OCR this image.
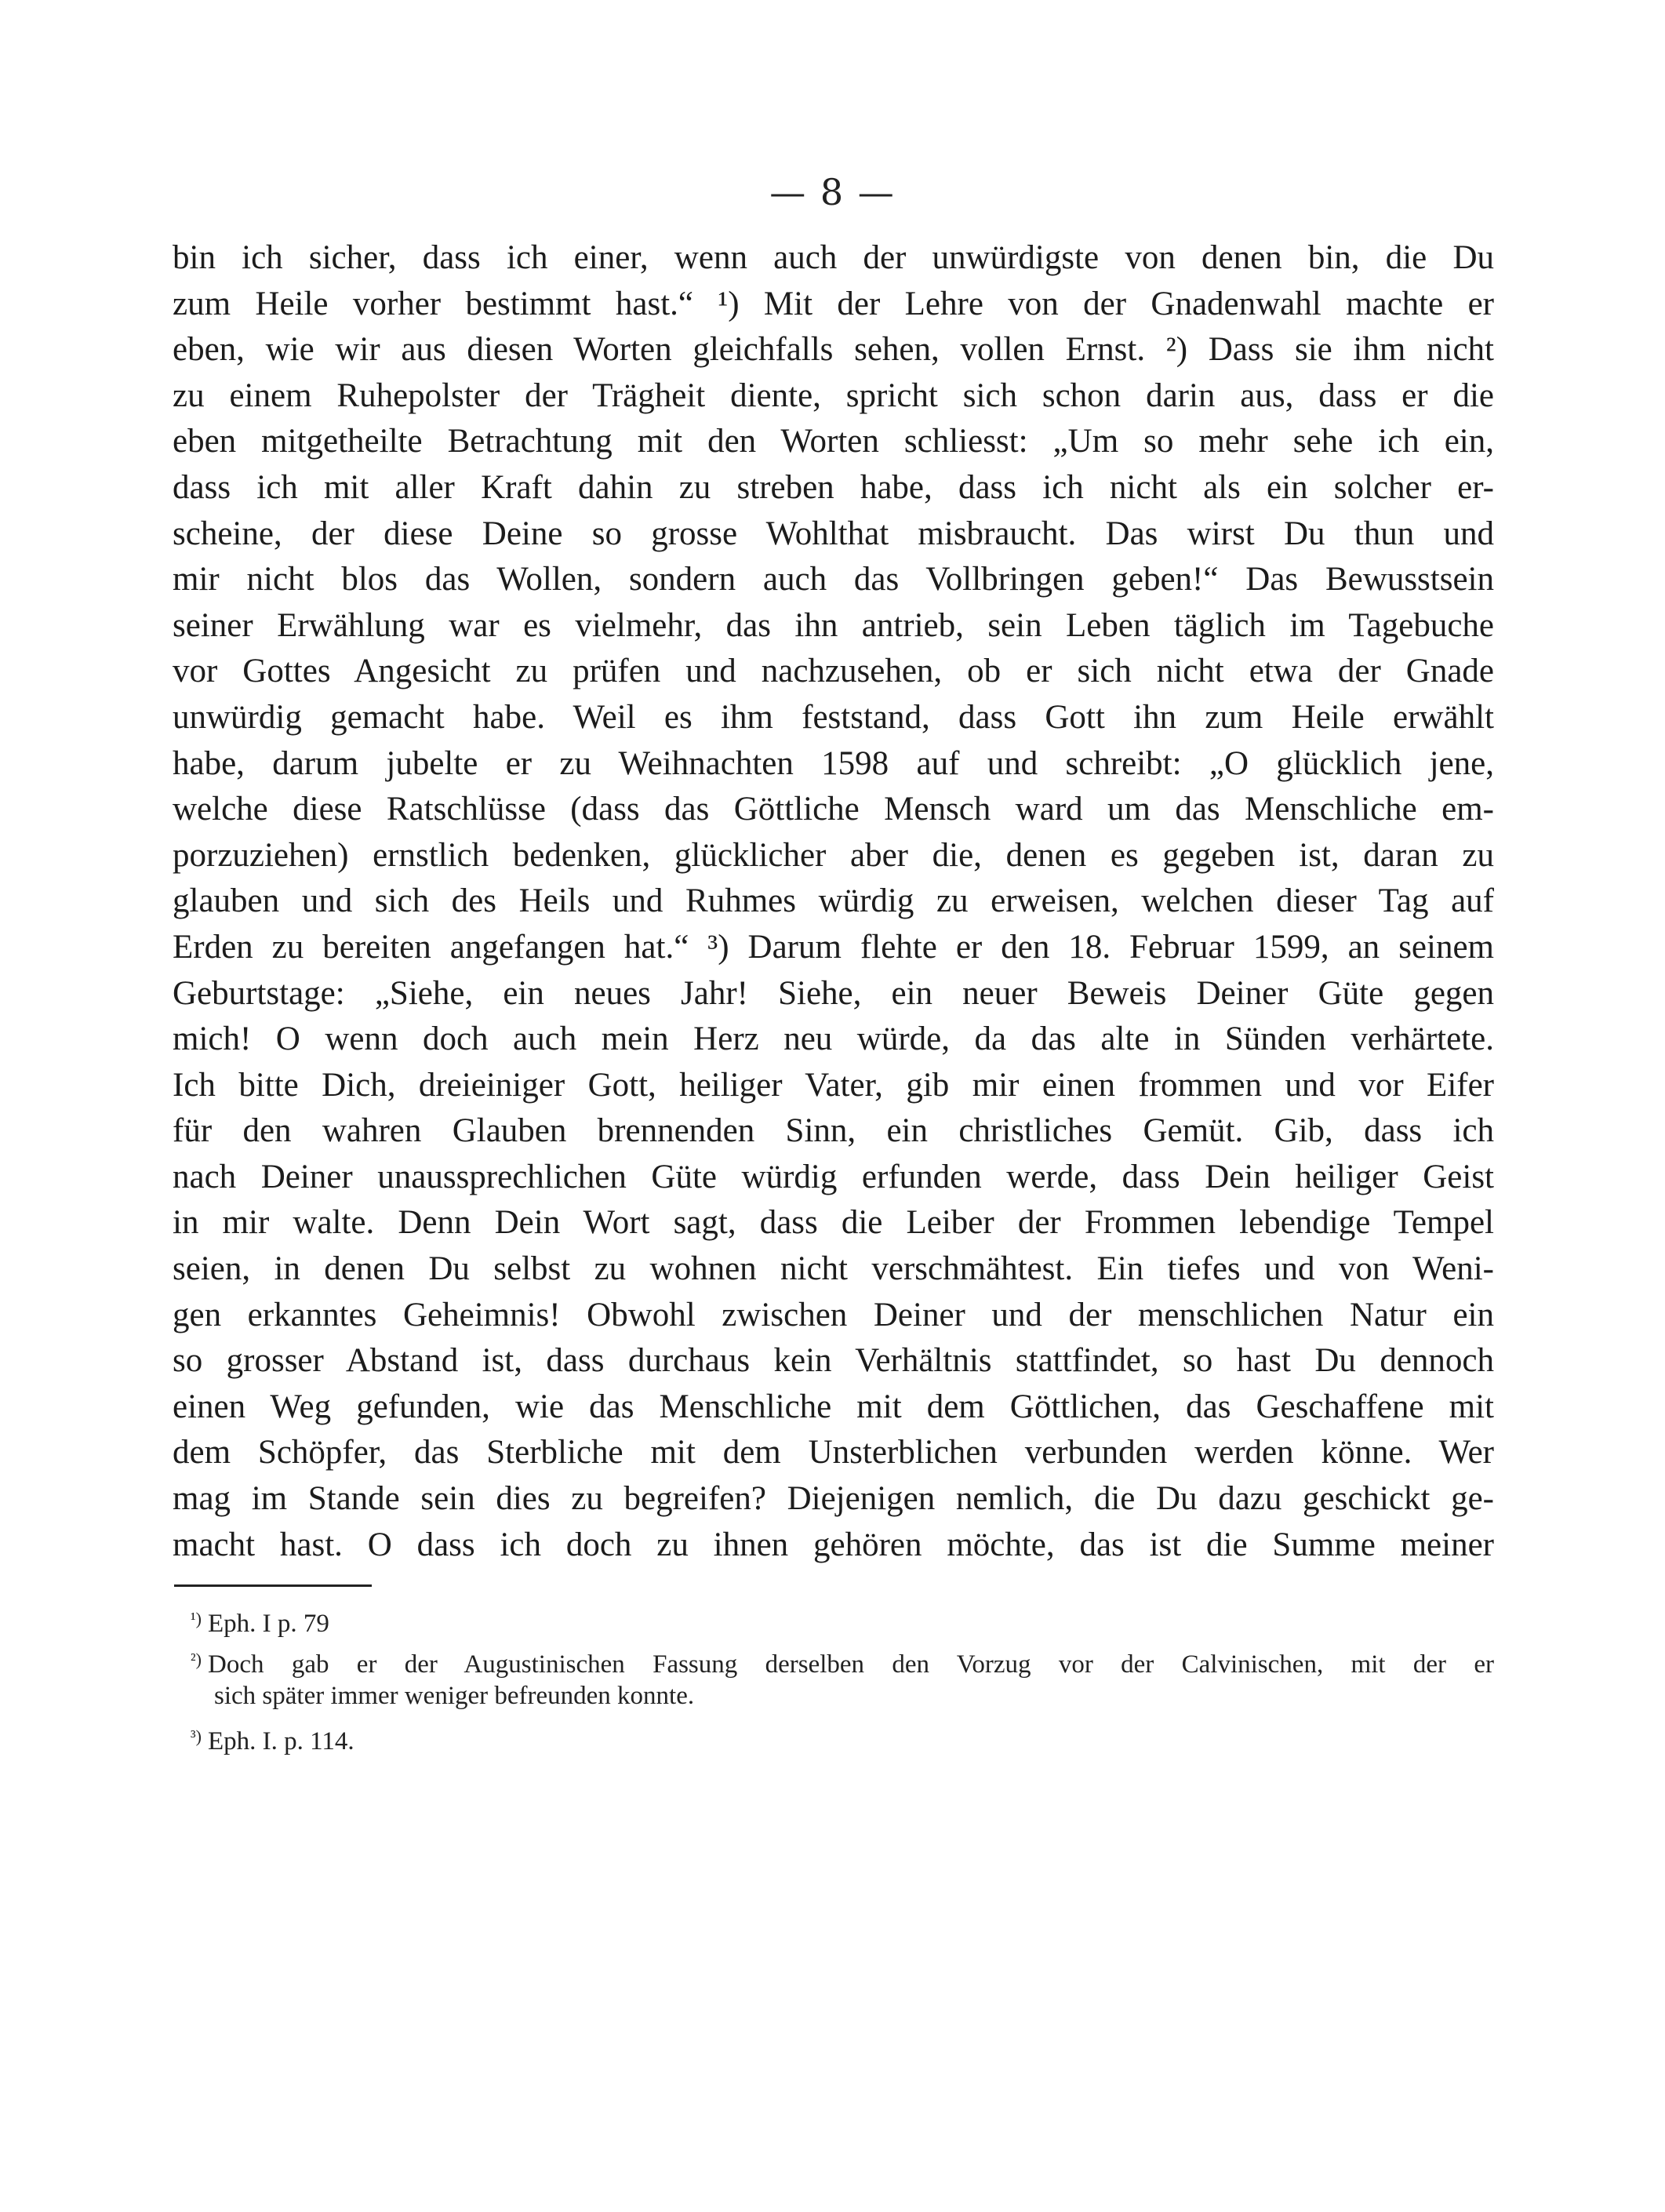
— 8 —
bin ich sicher, dass ich einer, wenn auch der unwürdigste von denen bin, die Du
zum Heile vorher bestimmt hast.“ ¹) Mit der Lehre von der Gnadenwahl machte er
eben, wie wir aus diesen Worten gleichfalls sehen, vollen Ernst. ²) Dass sie ihm nicht
zu einem Ruhepolster der Trägheit diente, spricht sich schon darin aus, dass er die
eben mitgetheilte Betrachtung mit den Worten schliesst: „Um so mehr sehe ich ein,
dass ich mit aller Kraft dahin zu streben habe, dass ich nicht als ein solcher er-
scheine, der diese Deine so grosse Wohlthat misbraucht. Das wirst Du thun und
mir nicht blos das Wollen, sondern auch das Vollbringen geben!“ Das Bewusstsein
seiner Erwählung war es vielmehr, das ihn antrieb, sein Leben täglich im Tagebuche
vor Gottes Angesicht zu prüfen und nachzusehen, ob er sich nicht etwa der Gnade
unwürdig gemacht habe. Weil es ihm feststand, dass Gott ihn zum Heile erwählt
habe, darum jubelte er zu Weihnachten 1598 auf und schreibt: „O glücklich jene,
welche diese Ratschlüsse (dass das Göttliche Mensch ward um das Menschliche em-
porzuziehen) ernstlich bedenken, glücklicher aber die, denen es gegeben ist, daran zu
glauben und sich des Heils und Ruhmes würdig zu erweisen, welchen dieser Tag auf
Erden zu bereiten angefangen hat.“ ³) Darum flehte er den 18. Februar 1599, an seinem
Geburtstage: „Siehe, ein neues Jahr! Siehe, ein neuer Beweis Deiner Güte gegen
mich! O wenn doch auch mein Herz neu würde, da das alte in Sünden verhärtete.
Ich bitte Dich, dreieiniger Gott, heiliger Vater, gib mir einen frommen und vor Eifer
für den wahren Glauben brennenden Sinn, ein christliches Gemüt. Gib, dass ich
nach Deiner unaussprechlichen Güte würdig erfunden werde, dass Dein heiliger Geist
in mir walte. Denn Dein Wort sagt, dass die Leiber der Frommen lebendige Tempel
seien, in denen Du selbst zu wohnen nicht verschmähtest. Ein tiefes und von Weni-
gen erkanntes Geheimnis! Obwohl zwischen Deiner und der menschlichen Natur ein
so grosser Abstand ist, dass durchaus kein Verhältnis stattfindet, so hast Du dennoch
einen Weg gefunden, wie das Menschliche mit dem Göttlichen, das Geschaffene mit
dem Schöpfer, das Sterbliche mit dem Unsterblichen verbunden werden könne. Wer
mag im Stande sein dies zu begreifen? Diejenigen nemlich, die Du dazu geschickt ge-
macht hast. O dass ich doch zu ihnen gehören möchte, das ist die Summe meiner
¹) Eph. I p. 79
²) Doch gab er der Augustinischen Fassung derselben den Vorzug vor der Calvinischen, mit der er
sich später immer weniger befreunden konnte.
³) Eph. I. p. 114.
